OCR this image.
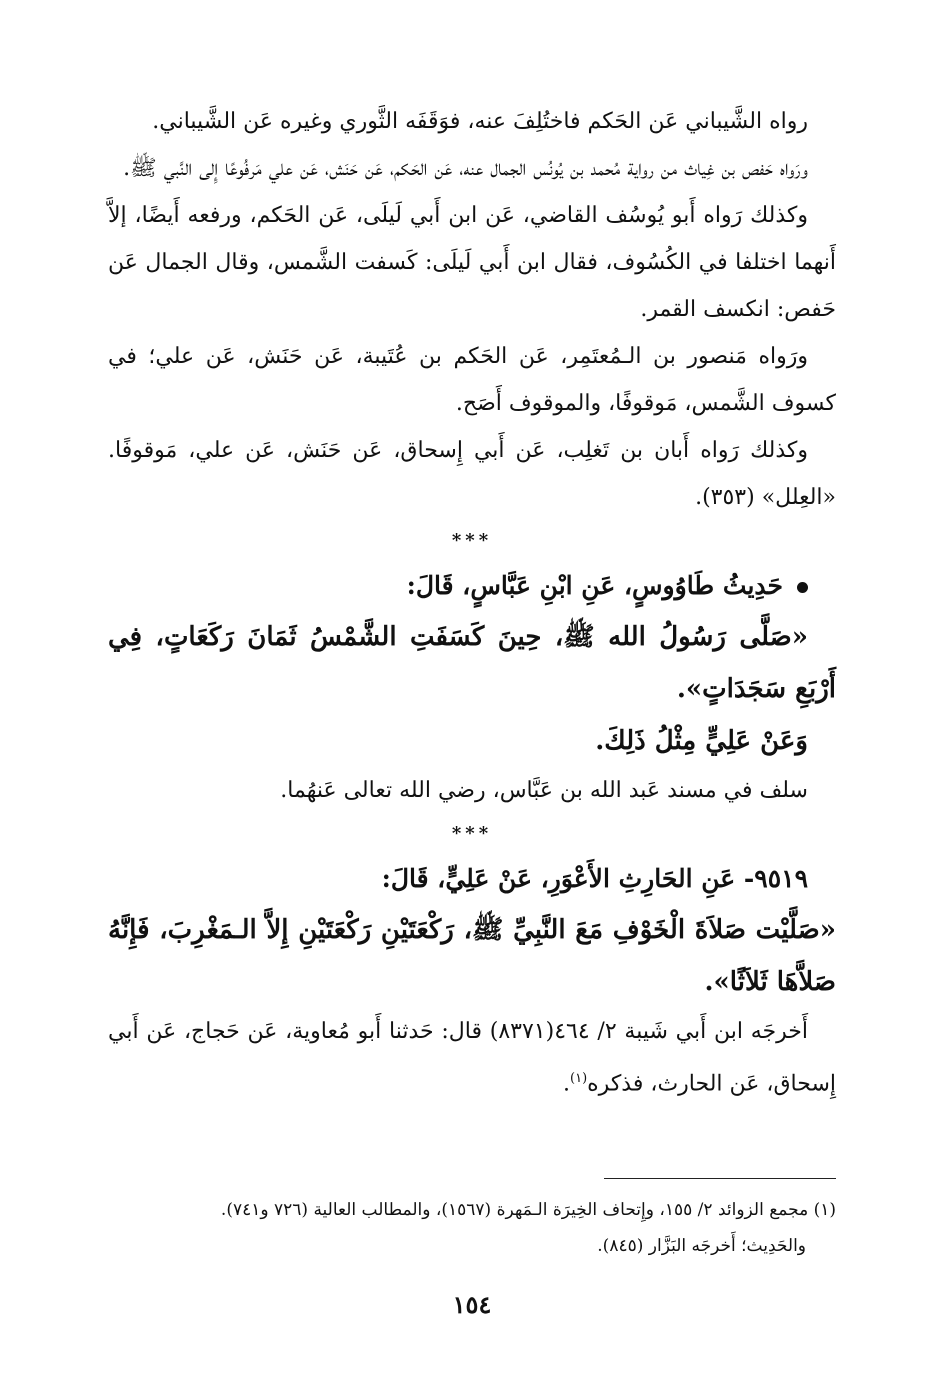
رواه الشَّيباني عَن الحَكم فاختُلِفَ عنه، فوَقَفَه الثَّوري وغيره عَن الشَّيباني.

ورَواه حَفص بن غِياث من رواية مُحمد بن يُونُس الجمال عنه، عَن الحَكم، عَن حَنَش، عَن علي مَرفُوعًا إِلى النَّبي ﷺ.

وكذلك رَواه أَبو يُوسُف القاضي، عَن ابن أَبي لَيلَى، عَن الحَكم، ورفعه أَيضًا، إلاَّ أَنهما اختلفا في الكُسُوف، فقال ابن أَبي لَيلَى: كَسفت الشَّمس، وقال الجمال عَن حَفص: انكسف القمر.

ورَواه مَنصور بن الـمُعتَمِر، عَن الحَكم بن عُتَيبة، عَن حَنَش، عَن علي؛ في كسوف الشَّمس، مَوقوفًا، والموقوف أَصَح.

وكذلك رَواه أَبان بن تَغلِب، عَن أَبي إِسحاق، عَن حَنَش، عَن علي، مَوقوفًا. «العِلل» (٣٥٣).

***

حَدِيثُ طَاوُوسٍ، عَنِ ابْنِ عَبَّاسٍ، قَالَ:

«صَلَّى رَسُولُ الله ﷺ، حِينَ كَسَفَتِ الشَّمْسُ ثَمَانَ رَكَعَاتٍ، فِي أَرْبَعِ سَجَدَاتٍ».

وَعَنْ عَلِيٍّ مِثْلُ ذَلِكَ.

سلف في مسند عَبد الله بن عَبَّاس، رضي الله تعالى عَنهُما.

***

٩٥١٩- عَنِ الحَارِثِ الأَعْوَرِ، عَنْ عَلِيٍّ، قَالَ:

«صَلَّيْت صَلاَةَ الْخَوْفِ مَعَ النَّبِيِّ ﷺ، رَكْعَتَيْنِ رَكْعَتَيْنِ إِلاَّ الـمَغْرِبَ، فَإِنَّهُ صَلاَّهَا ثَلاَثًا».

أَخرجَه ابن أَبي شَيبة ٢/ ٤٦٤(٨٣٧١) قال: حَدثنا أَبو مُعاوية، عَن حَجاج، عَن أَبي إِسحاق، عَن الحارث، فذكره$^{(١)}$.

(١) مجمع الزوائد ٢/ ١٥٥، وإِتحاف الخِيرَة الـمَهرة (١٥٦٧)، والمطالب العالية (٧٢٦ و٧٤١).

والحَدِيث؛ أَخرجَه البَزَّار (٨٤٥).

١٥٤
